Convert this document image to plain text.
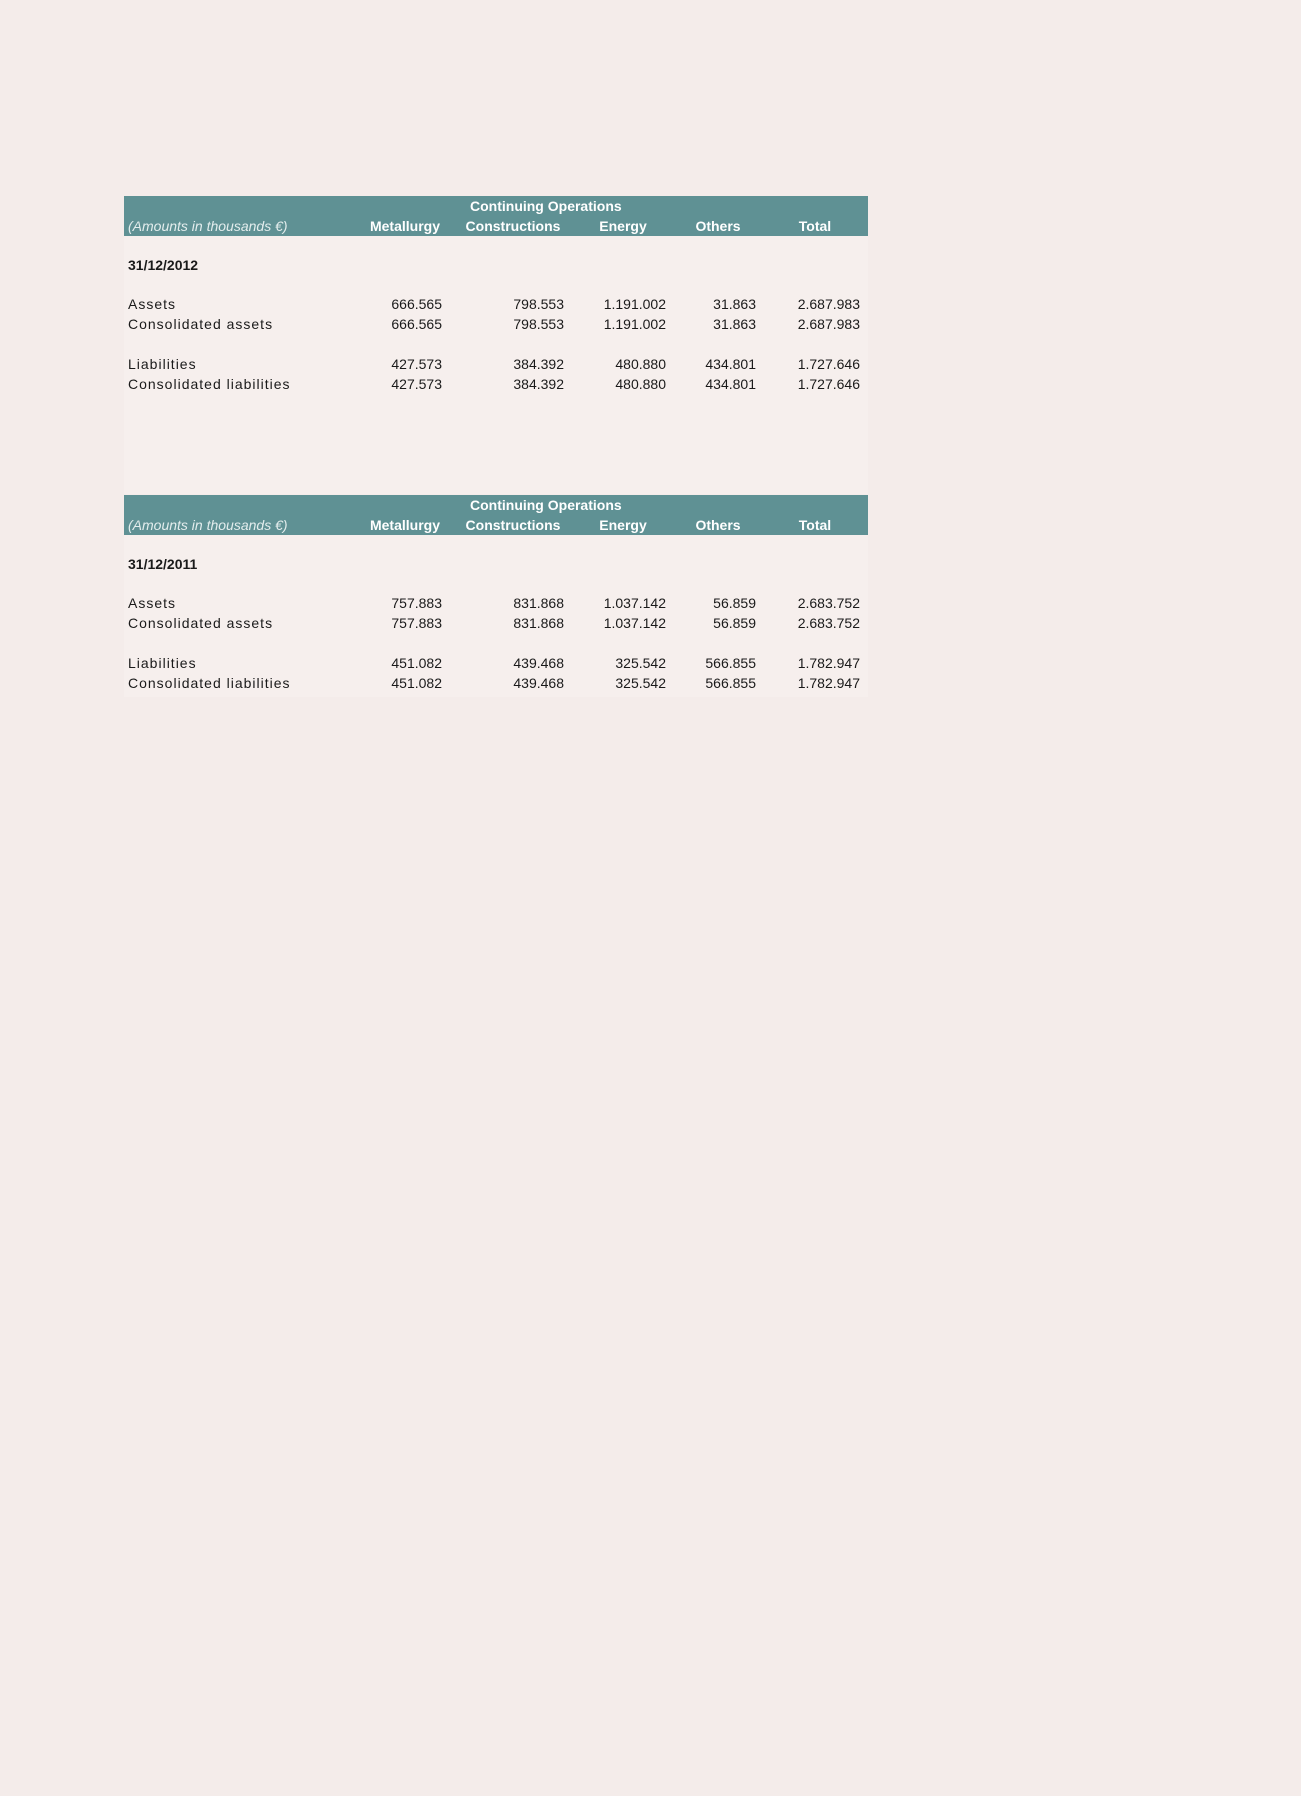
Continuing Operations
(Amounts in thousands €)	Metallurgy	Constructions	Energy	Others	Total
31/12/2012
Assets	666.565	798.553	1.191.002	31.863	2.687.983
Consolidated assets	666.565	798.553	1.191.002	31.863	2.687.983
Liabilities	427.573	384.392	480.880	434.801	1.727.646
Consolidated liabilities	427.573	384.392	480.880	434.801	1.727.646
Continuing Operations
(Amounts in thousands €)	Metallurgy	Constructions	Energy	Others	Total
31/12/2011
Assets	757.883	831.868	1.037.142	56.859	2.683.752
Consolidated assets	757.883	831.868	1.037.142	56.859	2.683.752
Liabilities	451.082	439.468	325.542	566.855	1.782.947
Consolidated liabilities	451.082	439.468	325.542	566.855	1.782.947
